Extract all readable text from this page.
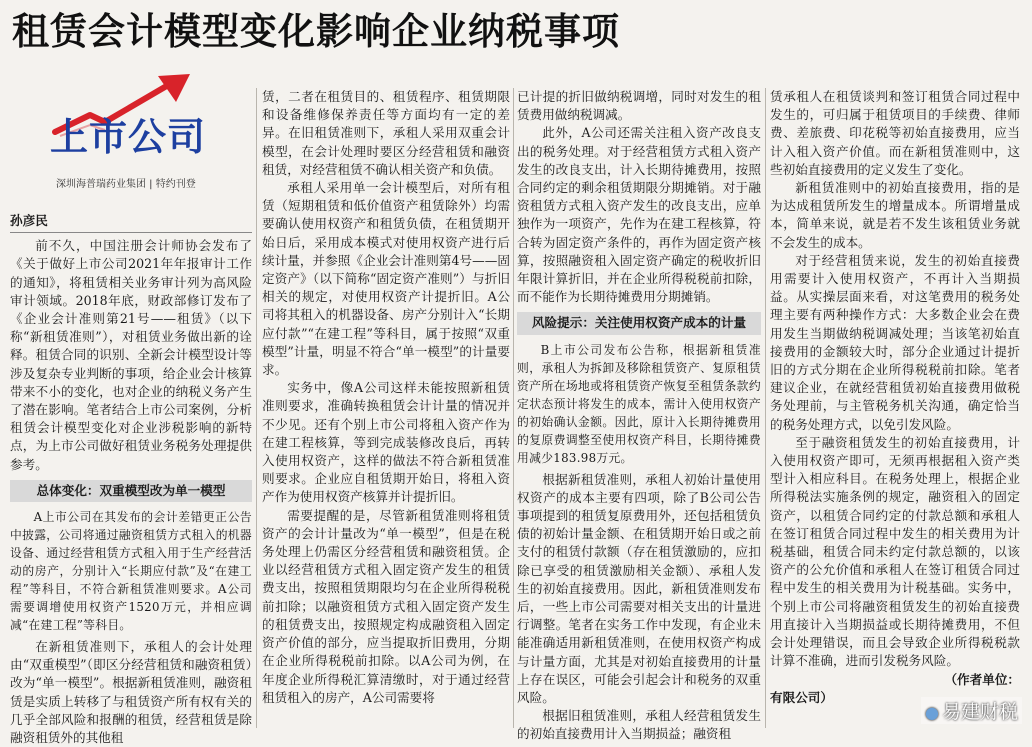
租赁会计模型变化影响企业纳税事项
上市公司
深圳海普瑞药业集团 | 特约刊登
孙彦民

前不久，中国注册会计师协会发布了《关于做好上市公司2021年年报审计工作的通知》，将租赁相关业务审计列为高风险审计领域。2018年底，财政部修订发布了《企业会计准则第21号——租赁》（以下称“新租赁准则”），对租赁业务做出新的诠释。租赁合同的识别、全新会计模型设计等涉及复杂专业判断的事项，给企业会计核算带来不小的变化，也对企业的纳税义务产生了潜在影响。笔者结合上市公司案例，分析租赁会计模型变化对企业涉税影响的新特点，为上市公司做好租赁业务税务处理提供参考。

总体变化：双重模型改为单一模型

A上市公司在其发布的会计差错更正公告中披露，公司将通过融资租赁方式租入的机器设备、通过经营租赁方式租入用于生产经营活动的房产，分别计入“长期应付款”及“在建工程”等科目，不符合新租赁准则要求。A公司需要调增使用权资产1520万元，并相应调减“在建工程”等科目。

在新租赁准则下，承租人的会计处理由“双重模型”（即区分经营租赁和融资租赁）改为“单一模型”。根据新租赁准则，融资租赁是实质上转移了与租赁资产所有权有关的几乎全部风险和报酬的租赁，经营租赁是除融资租赁外的其他租

赁，二者在租赁目的、租赁程序、租赁期限和设备维修保养责任等方面均有一定的差异。在旧租赁准则下，承租人采用双重会计模型，在会计处理时要区分经营租赁和融资租赁，对经营租赁不确认相关资产和负债。

承租人采用单一会计模型后，对所有租赁（短期租赁和低价值资产租赁除外）均需要确认使用权资产和租赁负债，在租赁期开始日后，采用成本模式对使用权资产进行后续计量，并参照《企业会计准则第4号——固定资产》（以下简称“固定资产准则”）与折旧相关的规定，对使用权资产计提折旧。A公司将其租入的机器设备、房产分别计入“长期应付款”“在建工程”等科目，属于按照“双重模型”计量，明显不符合“单一模型”的计量要求。

实务中，像A公司这样未能按照新租赁准则要求，准确转换租赁会计计量的情况并不少见。还有个别上市公司将租入资产作为在建工程核算，等到完成装修改良后，再转入使用权资产，这样的做法不符合新租赁准则要求。企业应自租赁期开始日，将租入资产作为使用权资产核算并计提折旧。

需要提醒的是，尽管新租赁准则将租赁资产的会计计量改为“单一模型”，但是在税务处理上仍需区分经营租赁和融资租赁。企业以经营租赁方式租入固定资产发生的租赁费支出，按照租赁期限均匀在企业所得税税前扣除；以融资租赁方式租入固定资产发生的租赁费支出，按照规定构成融资租入固定资产价值的部分，应当提取折旧费用，分期在企业所得税税前扣除。以A公司为例，在年度企业所得税汇算清缴时，对于通过经营租赁租入的房产，A公司需要将

已计提的折旧做纳税调增，同时对发生的租赁费用做纳税调减。

此外，A公司还需关注租入资产改良支出的税务处理。对于经营租赁方式租入资产发生的改良支出，计入长期待摊费用，按照合同约定的剩余租赁期限分期摊销。对于融资租赁方式租入资产发生的改良支出，应单独作为一项资产，先作为在建工程核算，符合转为固定资产条件的，再作为固定资产核算，按照融资租入固定资产确定的税收折旧年限计算折旧，并在企业所得税税前扣除，而不能作为长期待摊费用分期摊销。

风险提示：关注使用权资产成本的计量

B上市公司发布公告称，根据新租赁准则，承租人为拆卸及移除租赁资产、复原租赁资产所在场地或将租赁资产恢复至租赁条款约定状态预计将发生的成本，需计入使用权资产的初始确认金额。因此，原计入长期待摊费用的复原费调整至使用权资产科目，长期待摊费用减少183.98万元。

根据新租赁准则，承租人初始计量使用权资产的成本主要有四项，除了B公司公告事项提到的租赁复原费用外，还包括租赁负债的初始计量金额、在租赁期开始日或之前支付的租赁付款额（存在租赁激励的，应扣除已享受的租赁激励相关金额）、承租人发生的初始直接费用。因此，新租赁准则发布后，一些上市公司需要对相关支出的计量进行调整。笔者在实务工作中发现，有企业未能准确适用新租赁准则，在使用权资产构成与计量方面，尤其是对初始直接费用的计量上存在误区，可能会引起会计和税务的双重风险。

根据旧租赁准则，承租人经营租赁发生的初始直接费用计入当期损益；融资租

赁承租人在租赁谈判和签订租赁合同过程中发生的，可归属于租赁项目的手续费、律师费、差旅费、印花税等初始直接费用，应当计入租入资产价值。而在新租赁准则中，这些初始直接费用的定义发生了变化。

新租赁准则中的初始直接费用，指的是为达成租赁所发生的增量成本。所谓增量成本，简单来说，就是若不发生该租赁业务就不会发生的成本。

对于经营租赁来说，发生的初始直接费用需要计入使用权资产，不再计入当期损益。从实操层面来看，对这笔费用的税务处理主要有两种操作方式：大多数企业会在费用发生当期做纳税调减处理；当该笔初始直接费用的金额较大时，部分企业通过计提折旧的方式分期在企业所得税税前扣除。笔者建议企业，在就经营租赁初始直接费用做税务处理前，与主管税务机关沟通，确定恰当的税务处理方式，以免引发风险。

至于融资租赁发生的初始直接费用，计入使用权资产即可，无须再根据租入资产类型计入相应科目。在税务处理上，根据企业所得税法实施条例的规定，融资租入的固定资产，以租赁合同约定的付款总额和承租人在签订租赁合同过程中发生的相关费用为计税基础，租赁合同未约定付款总额的，以该资产的公允价值和承租人在签订租赁合同过程中发生的相关费用为计税基础。实务中，个别上市公司将融资租赁发生的初始直接费用直接计入当期损益或长期待摊费用，不但会计处理错误，而且会导致企业所得税税款计算不准确，进而引发税务风险。

（作者单位：

有限公司）

● 易建财税
